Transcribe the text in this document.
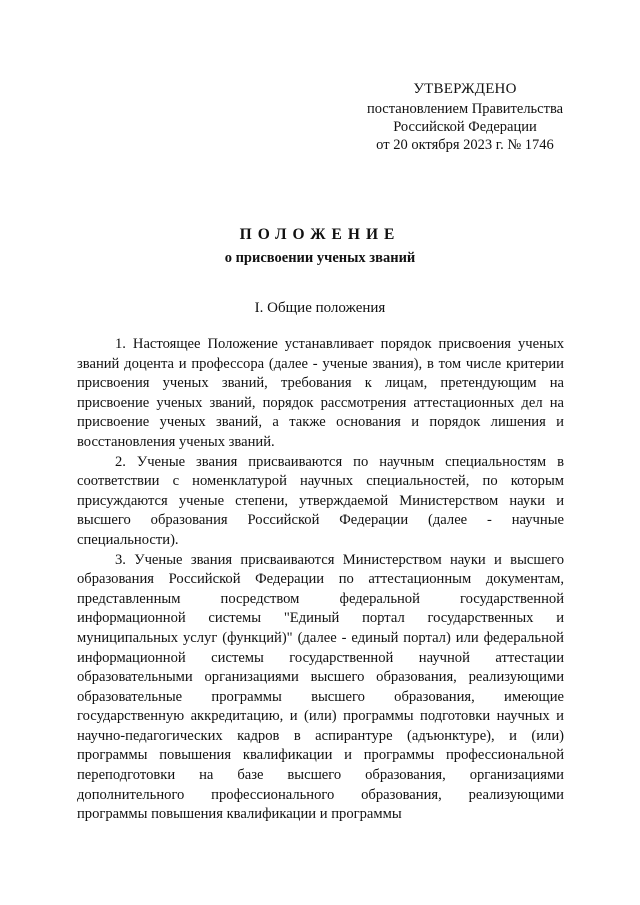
УТВЕРЖДЕНО
постановлением Правительства
Российской Федерации
от 20 октября 2023 г. № 1746
ПОЛОЖЕНИЕ
о присвоении ученых званий
I. Общие положения

1. Настоящее Положение устанавливает порядок присвоения ученых званий доцента и профессора (далее - ученые звания), в том числе критерии присвоения ученых званий, требования к лицам, претендующим на присвоение ученых званий, порядок рассмотрения аттестационных дел на присвоение ученых званий, а также основания и порядок лишения и восстановления ученых званий.

2. Ученые звания присваиваются по научным специальностям в соответствии с номенклатурой научных специальностей, по которым присуждаются ученые степени, утверждаемой Министерством науки и высшего образования Российской Федерации (далее - научные специальности).

3. Ученые звания присваиваются Министерством науки и высшего образования Российской Федерации по аттестационным документам, представленным посредством федеральной государственной информационной системы "Единый портал государственных и муниципальных услуг (функций)" (далее - единый портал) или федеральной информационной системы государственной научной аттестации образовательными организациями высшего образования, реализующими образовательные программы высшего образования, имеющие государственную аккредитацию, и (или) программы подготовки научных и научно-педагогических кадров в аспирантуре (адъюнктуре), и (или) программы повышения квалификации и программы профессиональной переподготовки на базе высшего образования, организациями дополнительного профессионального образования, реализующими программы повышения квалификации и программы
